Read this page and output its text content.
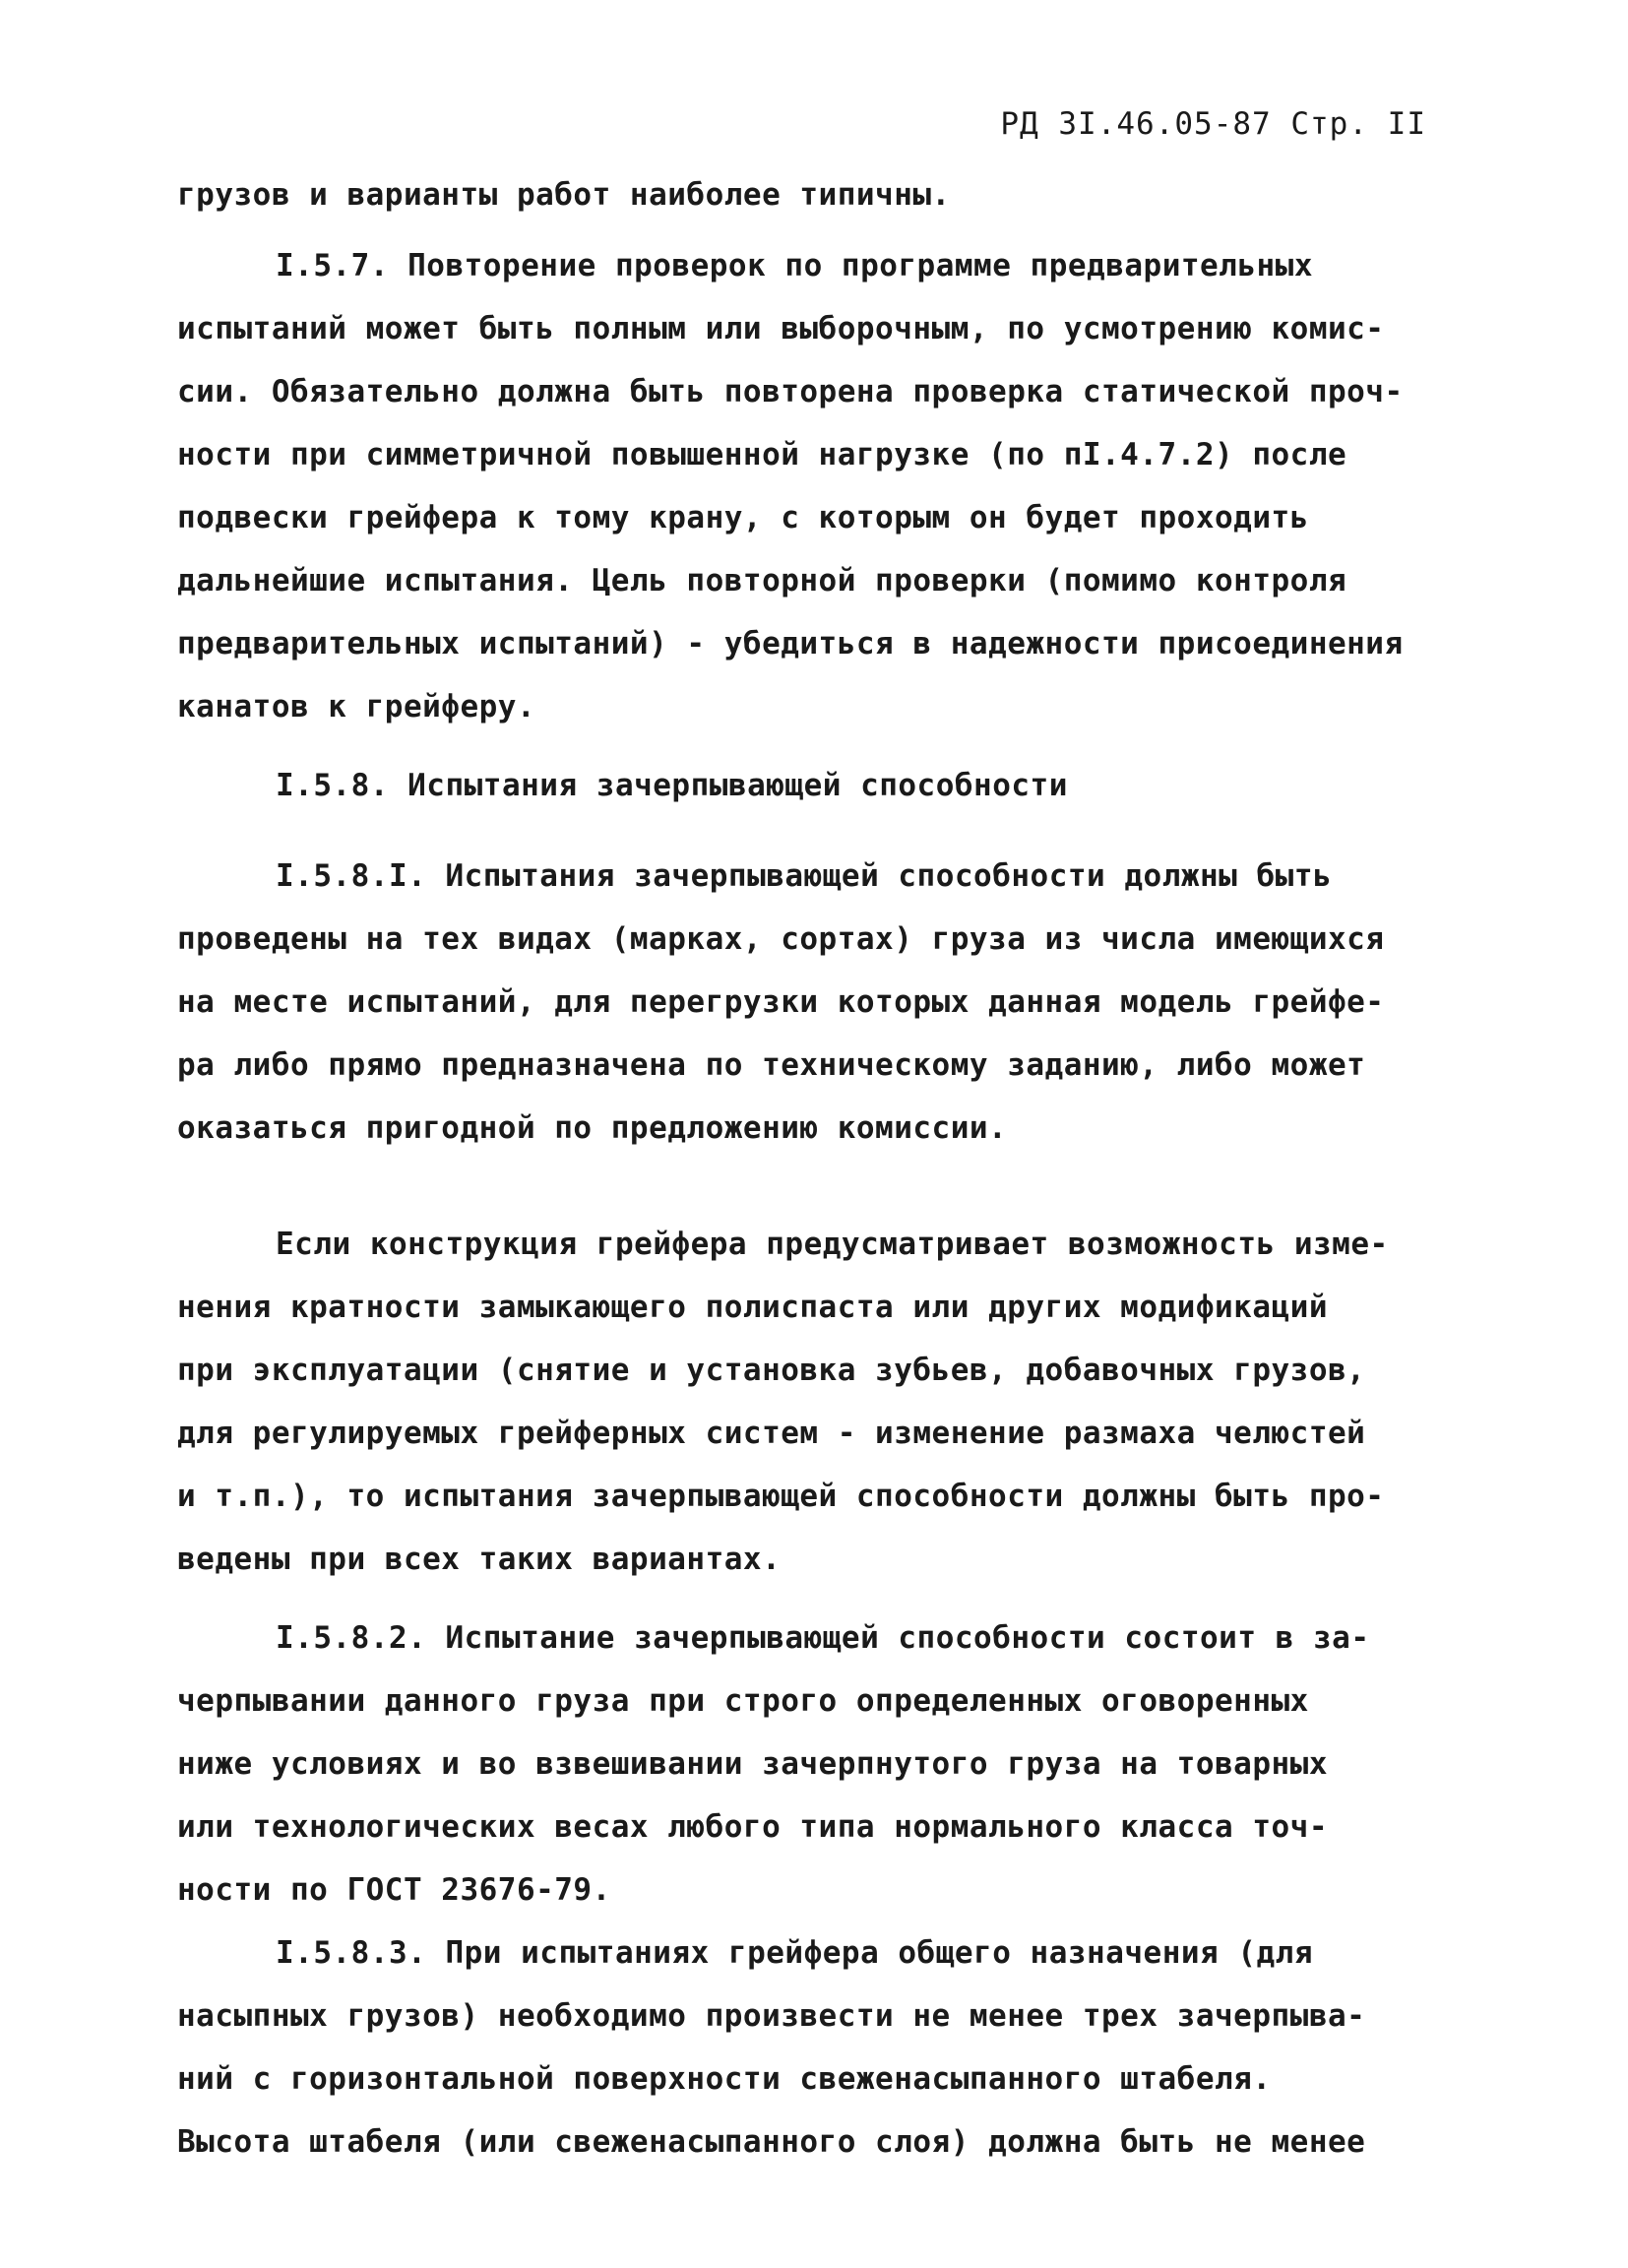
РД 3I.46.05-87 Стр. II
грузов и варианты работ наиболее типичны.
I.5.7. Повторение проверок по программе предварительных
испытаний может быть полным или выборочным, по усмотрению комис-
сии. Обязательно должна быть повторена проверка статической проч-
ности при симметричной повышенной нагрузке (по пI.4.7.2) после
подвески грейфера к тому крану, с которым он будет проходить
дальнейшие испытания. Цель повторной проверки (помимо контроля
предварительных испытаний) - убедиться в надежности присоединения
канатов к грейферу.
I.5.8. Испытания зачерпывающей способности
I.5.8.I. Испытания зачерпывающей способности должны быть
проведены на тех видах (марках, сортах) груза из числа имеющихся
на месте испытаний, для перегрузки которых данная модель грейфе-
ра либо прямо предназначена по техническому заданию, либо может
оказаться пригодной по предложению комиссии.
Если конструкция грейфера предусматривает возможность изме-
нения кратности замыкающего полиспаста или других модификаций
при эксплуатации (снятие и установка зубьев, добавочных грузов,
для регулируемых грейферных систем - изменение размаха челюстей
и т.п.), то испытания зачерпывающей способности должны быть про-
ведены при всех таких вариантах.
I.5.8.2. Испытание зачерпывающей способности состоит в за-
черпывании данного груза при строго определенных оговоренных
ниже условиях и во взвешивании зачерпнутого груза на товарных
или технологических весах любого типа нормального класса точ-
ности по ГОСТ 23676-79.
I.5.8.3. При испытаниях грейфера общего назначения (для
насыпных грузов) необходимо произвести не менее трех зачерпыва-
ний с горизонтальной поверхности свеженасыпанного штабеля.
Высота штабеля (или свеженасыпанного слоя) должна быть не менее
